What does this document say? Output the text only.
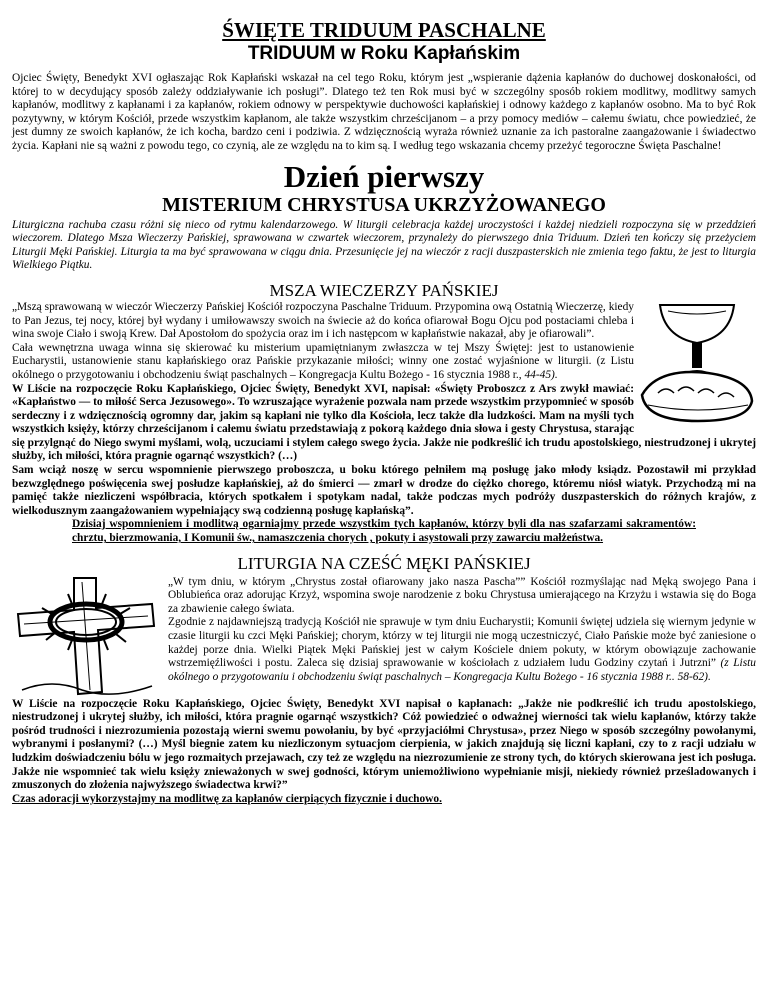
ŚWIĘTE TRIDUUM PASCHALNE
TRIDUUM w Roku Kapłańskim

Ojciec Święty, Benedykt XVI ogłaszając Rok Kapłański wskazał na cel tego Roku, którym jest „wspieranie dążenia kapłanów do duchowej doskonałości, od której to w decydujący sposób zależy oddziaływanie ich posługi”. Dlatego też ten Rok musi być w szczególny sposób rokiem modlitwy, modlitwy samych kapłanów, modlitwy z kapłanami i za kapłanów, rokiem odnowy w perspektywie duchowości kapłańskiej i odnowy każdego z kapłanów osobno. Ma to być Rok pozytywny, w którym Kościół, przede wszystkim kapłanom, ale także wszystkim chrześcijanom – a przy pomocy mediów – całemu światu, chce powiedzieć, że jest dumny ze swoich kapłanów, że ich kocha, bardzo ceni i podziwia. Z wdzięcznością wyraża również uznanie za ich pastoralne zaangażowanie i świadectwo życia. Kapłani nie są ważni z powodu tego, co czynią, ale ze względu na to kim są. I według tego wskazania chcemy przeżyć tegoroczne Święta Paschalne!

Dzień pierwszy
MISTERIUM CHRYSTUSA UKRZYŻOWANEGO

Liturgiczna rachuba czasu różni się nieco od rytmu kalendarzowego. W liturgii celebracja każdej uroczystości i każdej niedzieli rozpoczyna się w przeddzień wieczorem. Dlatego Msza Wieczerzy Pańskiej, sprawowana w czwartek wieczorem, przynależy do pierwszego dnia Triduum. Dzień ten kończy się przeżyciem Liturgii Męki Pańskiej. Liturgia ta ma być sprawowana w ciągu dnia. Przesunięcie jej na wieczór z racji duszpasterskich nie zmienia tego faktu, że jest to liturgia Wielkiego Piątku.

MSZA WIECZERZY PAŃSKIEJ

„Mszą sprawowaną w wieczór Wieczerzy Pańskiej Kościół rozpoczyna Paschalne Triduum. Przypomina ową Ostatnią Wieczerzę, kiedy to Pan Jezus, tej nocy, której był wydany i umiłowawszy swoich na świecie aż do końca ofiarował Bogu Ojcu pod postaciami chleba i wina swoje Ciało i swoją Krew. Dał Apostołom do spożycia oraz im i ich następcom w kapłaństwie nakazał, aby je ofiarowali”.

Cała wewnętrzna uwaga winna się skierować ku misterium upamiętnianym zwłaszcza w tej Mszy Świętej: jest to ustanowienie Eucharystii, ustanowienie stanu kapłańskiego oraz Pańskie przykazanie miłości; winny one zostać wyjaśnione w liturgii. (z Listu okólnego o przygotowaniu i obchodzeniu świąt paschalnych – Kongregacja Kultu Bożego - 16 stycznia 1988 r., 44-45).

W Liście na rozpoczęcie Roku Kapłańskiego, Ojciec Święty, Benedykt XVI, napisał: «Święty Proboszcz z Ars zwykł mawiać: «Kapłaństwo — to miłość Serca Jezusowego». To wzruszające wyrażenie pozwala nam przede wszystkim przypomnieć w sposób serdeczny i z wdzięcznością ogromny dar, jakim są kapłani nie tylko dla Kościoła, lecz także dla ludzkości. Mam na myśli tych wszystkich księży, którzy chrześcijanom i całemu światu przedstawiają z pokorą każdego dnia słowa i gesty Chrystusa, starając się przylgnąć do Niego swymi myślami, wolą, uczuciami i stylem całego swego życia. Jakże nie podkreślić ich trudu apostolskiego, niestrudzonej i ukrytej służby, ich miłości, która pragnie ogarnąć wszystkich? (…)

Sam wciąż noszę w sercu wspomnienie pierwszego proboszcza, u boku którego pełniłem mą posługę jako młody ksiądz. Pozostawił mi przykład bezwzględnego poświęcenia swej posłudze kapłańskiej, aż do śmierci — zmarł w drodze do ciężko chorego, któremu niósł wiatyk. Przychodzą mi na pamięć także niezliczeni współbracia, których spotkałem i spotykam nadal, także podczas mych podróży duszpasterskich do różnych krajów, z wielkodusznym zaangażowaniem wypełniający swą codzienną posługę kapłańską”.

Dzisiaj wspomnieniem i modlitwą ogarniajmy przede wszystkim tych kapłanów, którzy byli dla nas szafarzami sakramentów: chrztu, bierzmowania, I Komunii św., namaszczenia chorych , pokuty i asystowali przy zawarciu małżeństwa.

LITURGIA NA CZEŚĆ MĘKI PAŃSKIEJ

„W tym dniu, w którym „Chrystus został ofiarowany jako nasza Pascha”” Kościół rozmyślając nad Męką swojego Pana i Oblubieńca oraz adorując Krzyż, wspomina swoje narodzenie z boku Chrystusa umierającego na Krzyżu i wstawia się do Boga za zbawienie całego świata.

Zgodnie z najdawniejszą tradycją Kościół nie sprawuje w tym dniu Eucharystii; Komunii świętej udziela się wiernym jedynie w czasie liturgii ku czci Męki Pańskiej; chorym, którzy w tej liturgii nie mogą uczestniczyć, Ciało Pańskie może być zaniesione o każdej porze dnia. Wielki Piątek Męki Pańskiej jest w całym Kościele dniem pokuty, w którym obowiązuje zachowanie wstrzemięźliwości i postu. Zaleca się dzisiaj sprawowanie w kościołach z udziałem ludu Godziny czytań i Jutrzni” (z Listu okólnego o przygotowaniu i obchodzeniu świąt paschalnych – Kongregacja Kultu Bożego - 16 stycznia 1988 r.. 58-62).

W Liście na rozpoczęcie Roku Kapłańskiego, Ojciec Święty, Benedykt XVI napisał o kapłanach: „Jakże nie podkreślić ich trudu apostolskiego, niestrudzonej i ukrytej służby, ich miłości, która pragnie ogarnąć wszystkich? Cóż powiedzieć o odważnej wierności tak wielu kapłanów, którzy także pośród trudności i niezrozumienia pozostają wierni swemu powołaniu, by być «przyjaciółmi Chrystusa», przez Niego w sposób szczególny powołanymi, wybranymi i posłanymi? (…) Myśl biegnie zatem ku niezliczonym sytuacjom cierpienia, w jakich znajdują się liczni kapłani, czy to z racji udziału w ludzkim doświadczeniu bólu w jego rozmaitych przejawach, czy też ze względu na niezrozumienie ze strony tych, do których skierowana jest ich posługa. Jakże nie wspomnieć tak wielu księży znieważonych w swej godności, którym uniemożliwiono wypełnianie misji, niekiedy również prześladowanych i zmuszonych do złożenia najwyższego świadectwa krwi?”

Czas adoracji wykorzystajmy na modlitwę za kapłanów cierpiących fizycznie i duchowo.
